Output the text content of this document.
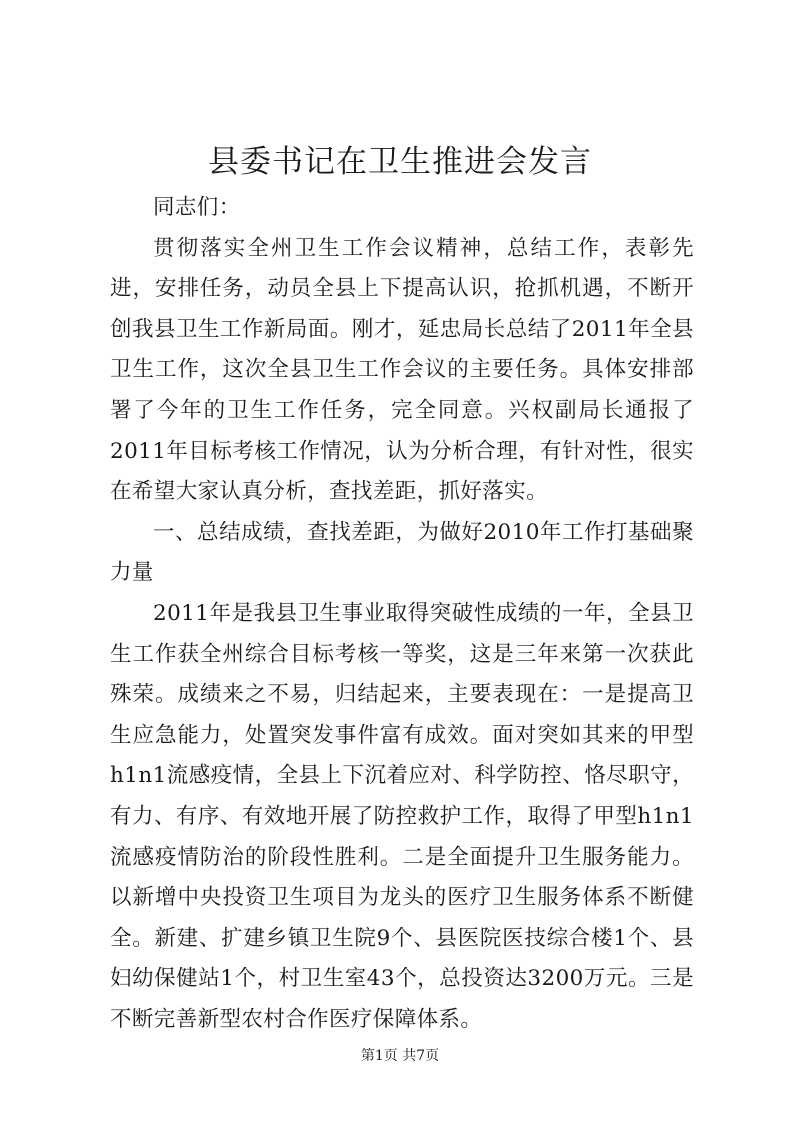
县委书记在卫生推进会发言

同志们：

贯彻落实全州卫生工作会议精神，总结工作，表彰先进，安排任务，动员全县上下提高认识，抢抓机遇，不断开创我县卫生工作新局面。刚才，延忠局长总结了2011年全县卫生工作，这次全县卫生工作会议的主要任务。具体安排部署了今年的卫生工作任务，完全同意。兴权副局长通报了2011年目标考核工作情况，认为分析合理，有针对性，很实在希望大家认真分析，查找差距，抓好落实。

一、总结成绩，查找差距，为做好2010年工作打基础聚力量

2011年是我县卫生事业取得突破性成绩的一年，全县卫生工作获全州综合目标考核一等奖，这是三年来第一次获此殊荣。成绩来之不易，归结起来，主要表现在：一是提高卫生应急能力，处置突发事件富有成效。面对突如其来的甲型h1n1流感疫情，全县上下沉着应对、科学防控、恪尽职守，有力、有序、有效地开展了防控救护工作，取得了甲型h1n1流感疫情防治的阶段性胜利。二是全面提升卫生服务能力。以新增中央投资卫生项目为龙头的医疗卫生服务体系不断健全。新建、扩建乡镇卫生院9个、县医院医技综合楼1个、县妇幼保健站1个，村卫生室43个，总投资达3200万元。三是不断完善新型农村合作医疗保障体系。

第1页 共7页
